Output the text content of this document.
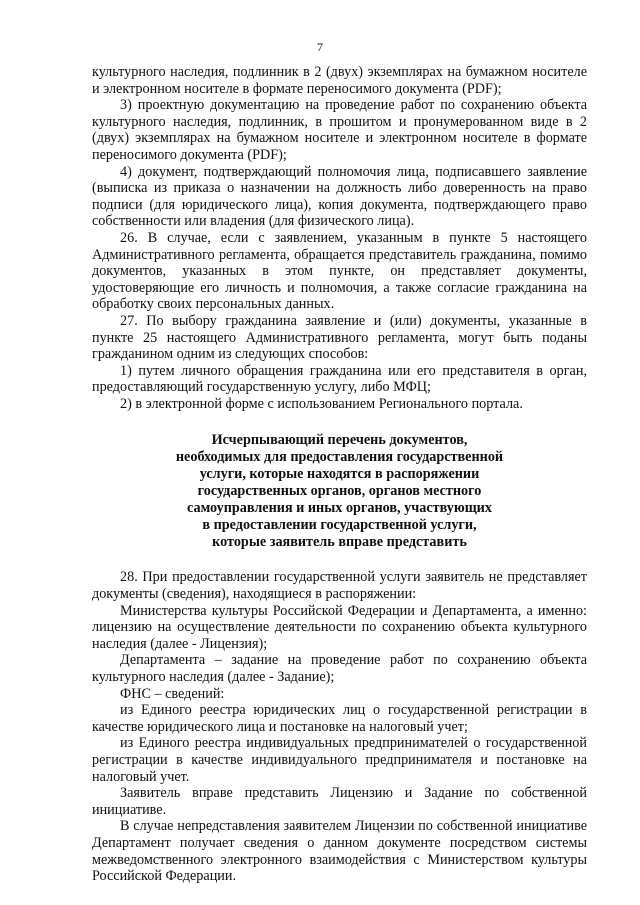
7

культурного наследия, подлинник в 2 (двух) экземплярах на бумажном носителе и электронном носителе в формате переносимого документа (PDF);

3) проектную документацию на проведение работ по сохранению объекта культурного наследия, подлинник, в прошитом и пронумерованном виде в 2 (двух) экземплярах на бумажном носителе и электронном носителе в формате переносимого документа (PDF);

4) документ, подтверждающий полномочия лица, подписавшего заявление (выписка из приказа о назначении на должность либо доверенность на право подписи (для юридического лица), копия документа, подтверждающего право собственности или владения (для физического лица).

26. В случае, если с заявлением, указанным в пункте 5 настоящего Административного регламента, обращается представитель гражданина, помимо документов, указанных в этом пункте, он представляет документы, удостоверяющие его личность и полномочия, а также согласие гражданина на обработку своих персональных данных.

27. По выбору гражданина заявление и (или) документы, указанные в пункте 25 настоящего Административного регламента, могут быть поданы гражданином одним из следующих способов:

1) путем личного обращения гражданина или его представителя в орган, предоставляющий государственную услугу, либо МФЦ;

2) в электронной форме с использованием Регионального портала.

Исчерпывающий перечень документов,
необходимых для предоставления государственной
услуги, которые находятся в распоряжении
государственных органов, органов местного
самоуправления и иных органов, участвующих
в предоставлении государственной услуги,
которые заявитель вправе представить

28. При предоставлении государственной услуги заявитель не представляет документы (сведения), находящиеся в распоряжении:

Министерства культуры Российской Федерации и Департамента, а именно: лицензию на осуществление деятельности по сохранению объекта культурного наследия (далее - Лицензия);

Департамента – задание на проведение работ по сохранению объекта культурного наследия (далее - Задание);

ФНС – сведений:

из Единого реестра юридических лиц о государственной регистрации в качестве юридического лица и постановке на налоговый учет;

из Единого реестра индивидуальных предпринимателей о государственной регистрации в качестве индивидуального предпринимателя и постановке на налоговый учет.

Заявитель вправе представить Лицензию и Задание по собственной инициативе.

В случае непредставления заявителем Лицензии по собственной инициативе Департамент получает сведения о данном документе посредством системы межведомственного электронного взаимодействия с Министерством культуры Российской Федерации.
